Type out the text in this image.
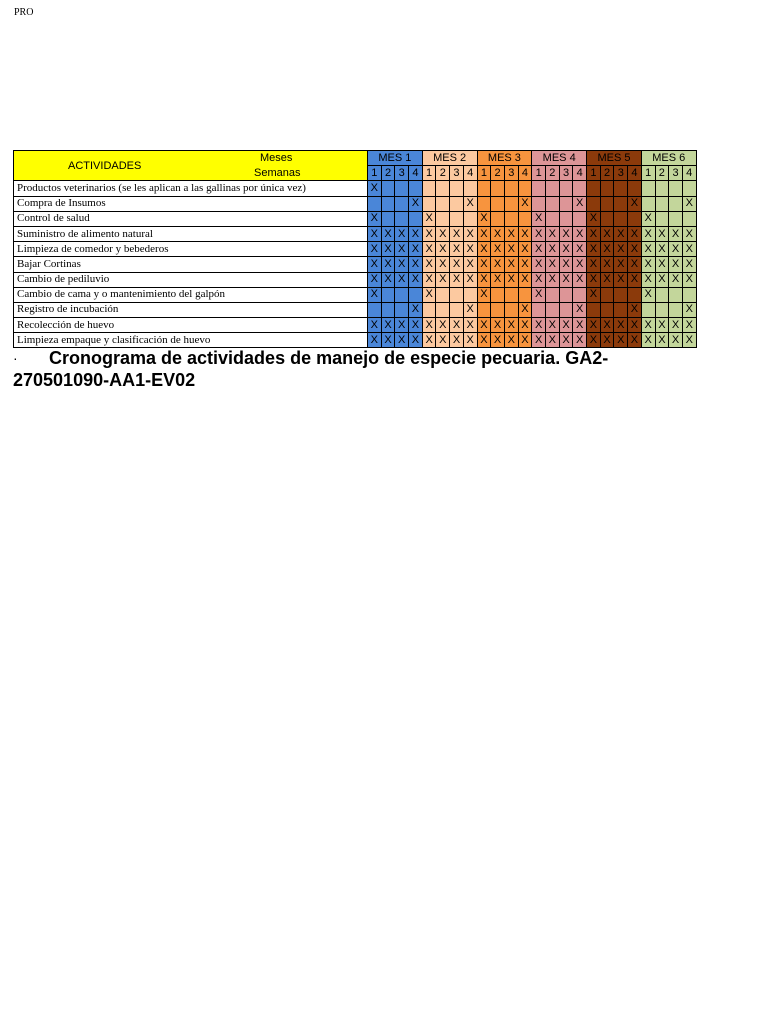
PRO
ACTIVIDADES
Meses
Semanas	MES 1				MES 2				MES 3				MES 4				MES 5				MES 6			
	1	2	3	4	1	2	3	4	1	2	3	4	1	2	3	4	1	2	3	4	1	2	3	4
Productos veterinarios (se les aplican a las gallinas por única vez)	X																							
Compra de Insumos				X				X				X				X				X				X
Control de salud	X				X				X				X				X				X			
Suministro de alimento natural	X	X	X	X	X	X	X	X	X	X	X	X	X	X	X	X	X	X	X	X	X	X	X	X
Limpieza de comedor y bebederos	X	X	X	X	X	X	X	X	X	X	X	X	X	X	X	X	X	X	X	X	X	X	X	X
Bajar Cortinas	X	X	X	X	X	X	X	X	X	X	X	X	X	X	X	X	X	X	X	X	X	X	X	X
Cambio de pediluvio	X	X	X	X	X	X	X	X	X	X	X	X	X	X	X	X	X	X	X	X	X	X	X	X
Cambio de cama y o mantenimiento del galpón	X				X				X				X				X				X			
Registro de incubación				X				X				X				X				X				X
Recolección de huevo	X	X	X	X	X	X	X	X	X	X	X	X	X	X	X	X	X	X	X	X	X	X	X	X
Limpieza empaque y clasificación de huevo	X	X	X	X	X	X	X	X	X	X	X	X	X	X	X	X	X	X	X	X	X	X	X	X
· Cronograma de actividades de manejo de especie pecuaria. GA2-270501090-AA1-EV02
